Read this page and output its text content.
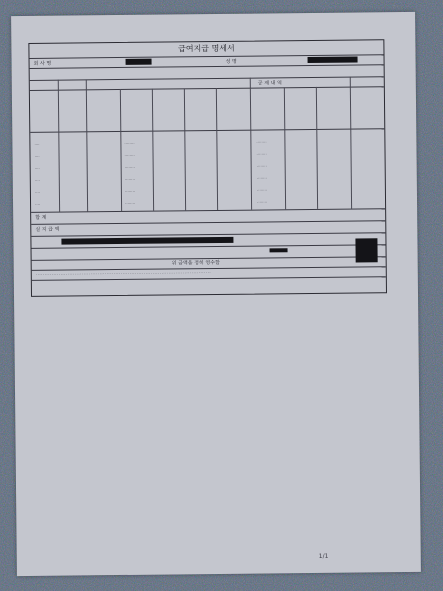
급여지급 명세서
회 사 명	성 명
공 제 내 역
····
····
····
····
····
····
········
········
········
········
········
········
········
········
········
········
········
········
합 계
실 지 급 액
위 금액을 정히 영수함
···································································································
1/1
